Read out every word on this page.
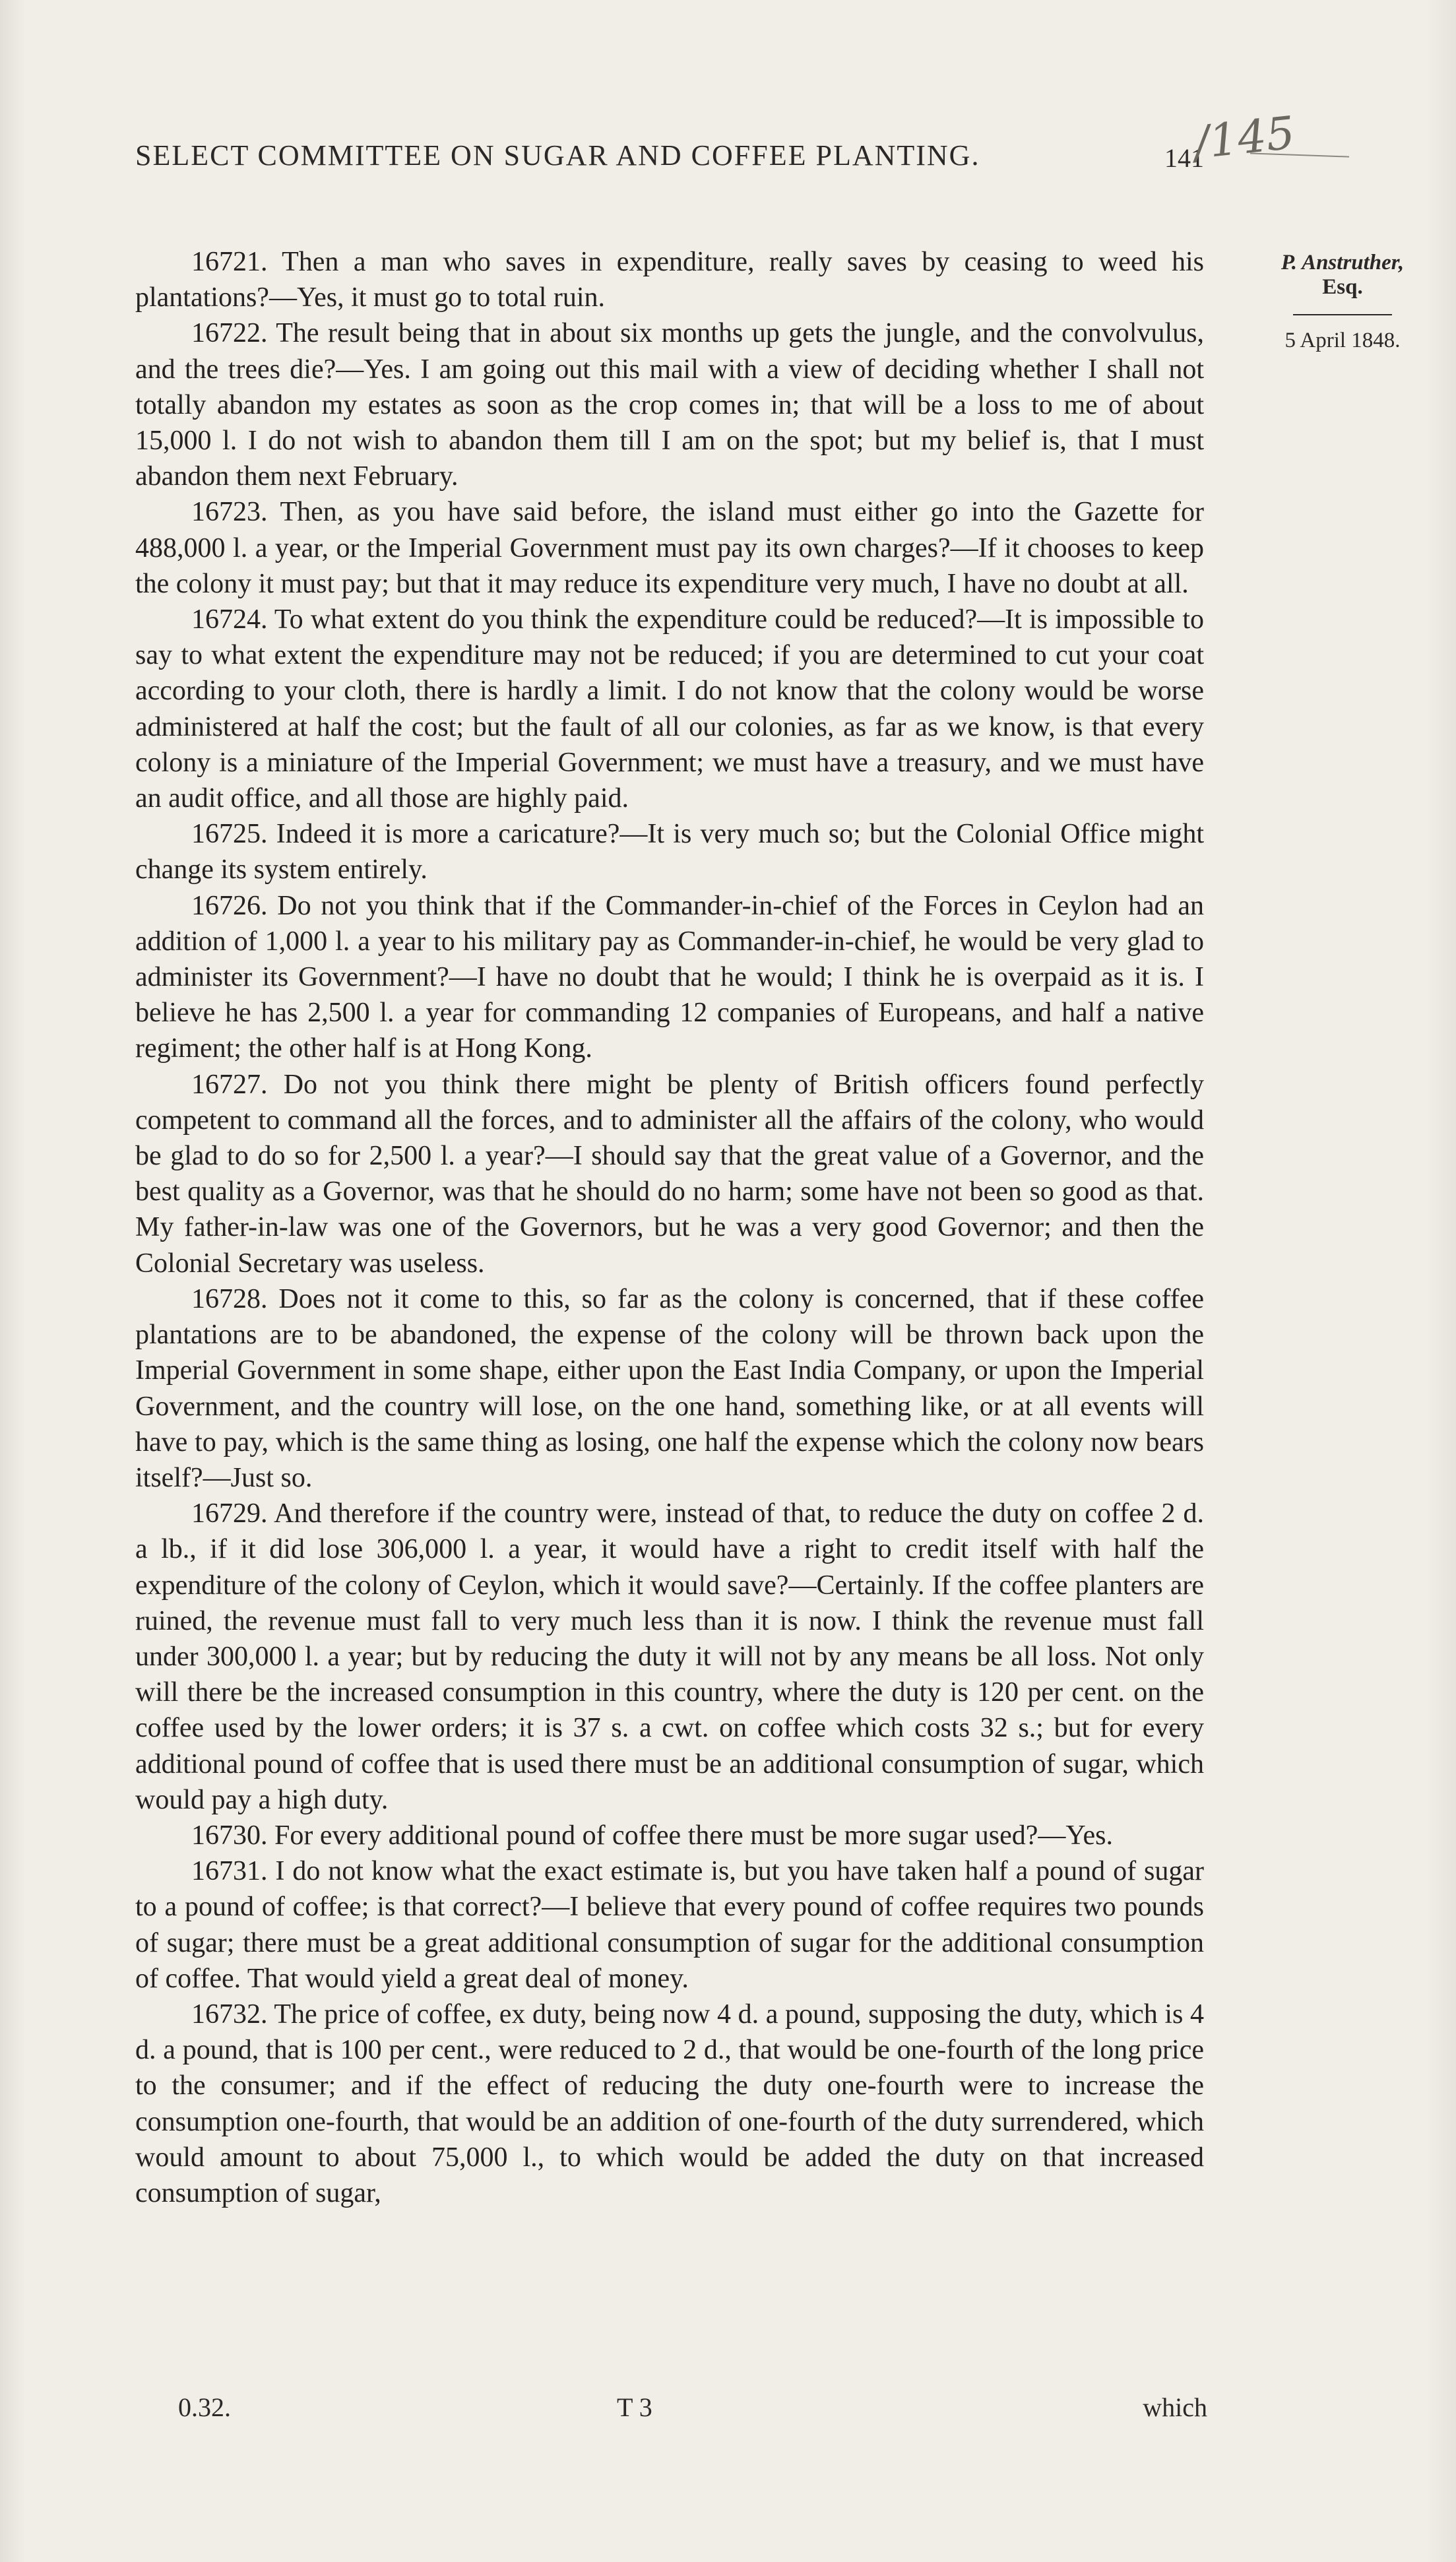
SELECT COMMITTEE ON SUGAR AND COFFEE PLANTING.	141
/145
P. Anstruther,
Esq.
5 April 1848.

16721. Then a man who saves in expenditure, really saves by ceasing to weed his plantations?—Yes, it must go to total ruin.

16722. The result being that in about six months up gets the jungle, and the convolvulus, and the trees die?—Yes. I am going out this mail with a view of deciding whether I shall not totally abandon my estates as soon as the crop comes in; that will be a loss to me of about 15,000 l. I do not wish to abandon them till I am on the spot; but my belief is, that I must abandon them next February.

16723. Then, as you have said before, the island must either go into the Gazette for 488,000 l. a year, or the Imperial Government must pay its own charges?—If it chooses to keep the colony it must pay; but that it may reduce its expenditure very much, I have no doubt at all.

16724. To what extent do you think the expenditure could be reduced?—It is impossible to say to what extent the expenditure may not be reduced; if you are determined to cut your coat according to your cloth, there is hardly a limit. I do not know that the colony would be worse administered at half the cost; but the fault of all our colonies, as far as we know, is that every colony is a miniature of the Imperial Government; we must have a treasury, and we must have an audit office, and all those are highly paid.

16725. Indeed it is more a caricature?—It is very much so; but the Colonial Office might change its system entirely.

16726. Do not you think that if the Commander-in-chief of the Forces in Ceylon had an addition of 1,000 l. a year to his military pay as Commander-in-chief, he would be very glad to administer its Government?—I have no doubt that he would; I think he is overpaid as it is. I believe he has 2,500 l. a year for commanding 12 companies of Europeans, and half a native regiment; the other half is at Hong Kong.

16727. Do not you think there might be plenty of British officers found perfectly competent to command all the forces, and to administer all the affairs of the colony, who would be glad to do so for 2,500 l. a year?—I should say that the great value of a Governor, and the best quality as a Governor, was that he should do no harm; some have not been so good as that. My father-in-law was one of the Governors, but he was a very good Governor; and then the Colonial Secretary was useless.

16728. Does not it come to this, so far as the colony is concerned, that if these coffee plantations are to be abandoned, the expense of the colony will be thrown back upon the Imperial Government in some shape, either upon the East India Company, or upon the Imperial Government, and the country will lose, on the one hand, something like, or at all events will have to pay, which is the same thing as losing, one half the expense which the colony now bears itself?—Just so.

16729. And therefore if the country were, instead of that, to reduce the duty on coffee 2 d. a lb., if it did lose 306,000 l. a year, it would have a right to credit itself with half the expenditure of the colony of Ceylon, which it would save?—Certainly. If the coffee planters are ruined, the revenue must fall to very much less than it is now. I think the revenue must fall under 300,000 l. a year; but by reducing the duty it will not by any means be all loss. Not only will there be the increased consumption in this country, where the duty is 120 per cent. on the coffee used by the lower orders; it is 37 s. a cwt. on coffee which costs 32 s.; but for every additional pound of coffee that is used there must be an additional consumption of sugar, which would pay a high duty.

16730. For every additional pound of coffee there must be more sugar used?—Yes.

16731. I do not know what the exact estimate is, but you have taken half a pound of sugar to a pound of coffee; is that correct?—I believe that every pound of coffee requires two pounds of sugar; there must be a great additional consumption of sugar for the additional consumption of coffee. That would yield a great deal of money.

16732. The price of coffee, ex duty, being now 4 d. a pound, supposing the duty, which is 4 d. a pound, that is 100 per cent., were reduced to 2 d., that would be one-fourth of the long price to the consumer; and if the effect of reducing the duty one-fourth were to increase the consumption one-fourth, that would be an addition of one-fourth of the duty surrendered, which would amount to about 75,000 l., to which would be added the duty on that increased consumption of sugar,

0.32.	T 3	which
